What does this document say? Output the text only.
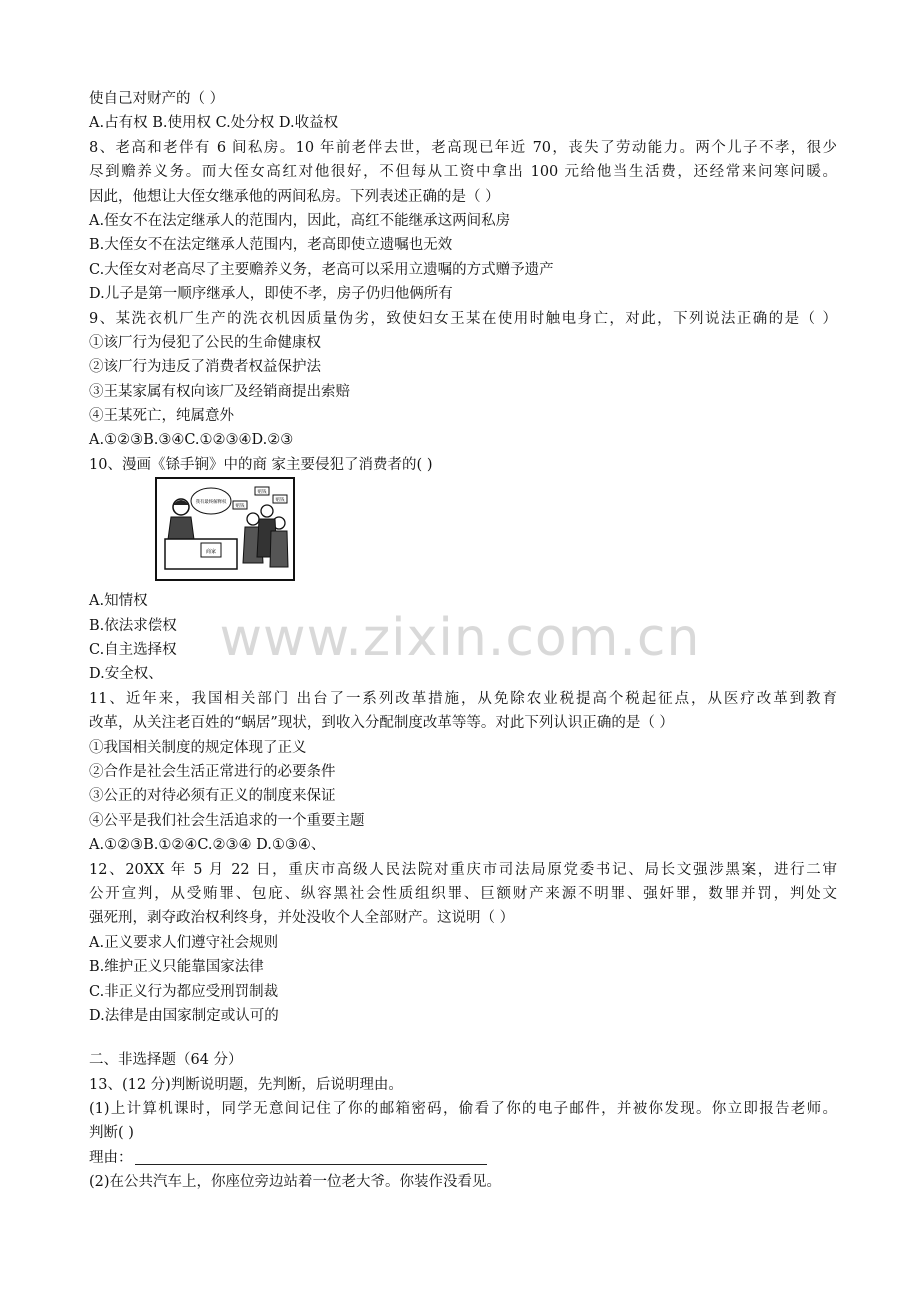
www.zixin.com.cn
使自己对财产的（ ）
A.占有权 B.使用权 C.处分权 D.收益权
8、老高和老伴有 6 间私房。10 年前老伴去世，老高现已年近 70，丧失了劳动能力。两个儿子不孝，很少
尽到赡养义务。而大侄女高红对他很好，不但每从工资中拿出 100 元给他当生活费，还经常来问寒问暖。
因此，他想让大侄女继承他的两间私房。下列表述正确的是（ ）
A.侄女不在法定继承人的范围内，因此，高红不能继承这两间私房
B.大侄女不在法定继承人范围内，老高即使立遗嘱也无效
C.大侄女对老高尽了主要赡养义务，老高可以采用立遗嘱的方式赠予遗产
D.儿子是第一顺序继承人，即使不孝，房子仍归他俩所有
9、某洗衣机厂生产的洗衣机因质量伪劣，致使妇女王某在使用时触电身亡，对此，下列说法正确的是（ ）
①该厂行为侵犯了公民的生命健康权
②该厂行为违反了消费者权益保护法
③王某家属有权向该厂及经销商提出索赔
④王某死亡，纯属意外
A.①②③B.③④C.①②③④D.②③
10、漫画《铩手锏》中的商 家主要侵犯了消费者的( )
商家
我有最终解释权
赔钱
赔钱
赔钱
A.知情权
B.依法求偿权
C.自主选择权
D.安全权、
11、近年来，我国相关部门 出台了一系列改革措施，从免除农业税提高个税起征点，从医疗改革到教育
改革，从关注老百姓的“蜗居”现状，到收入分配制度改革等等。对此下列认识正确的是（ ）
①我国相关制度的规定体现了正义
②合作是社会生活正常进行的必要条件
③公正的对待必须有正义的制度来保证
④公平是我们社会生活追求的一个重要主题
A.①②③B.①②④C.②③④ D.①③④、
12、20XX 年 5 月 22 日，重庆市高级人民法院对重庆市司法局原党委书记、局长文强涉黑案，进行二审
公开宣判，从受贿罪、包庇、纵容黑社会性质组织罪、巨额财产来源不明罪、强奸罪，数罪并罚，判处文
强死刑，剥夺政治权利终身，并处没收个人全部财产。这说明（ ）
A.正义要求人们遵守社会规则
B.维护正义只能靠国家法律
C.非正义行为都应受刑罚制裁
D.法律是由国家制定或认可的
二、非选择题（64 分）
13、(12 分)判断说明题，先判断，后说明理由。
(1)上计算机课时，同学无意间记住了你的邮箱密码，偷看了你的电子邮件，并被你发现。你立即报告老师。
判断( )
理由：
(2)在公共汽车上，你座位旁边站着一位老大爷。你装作没看见。
